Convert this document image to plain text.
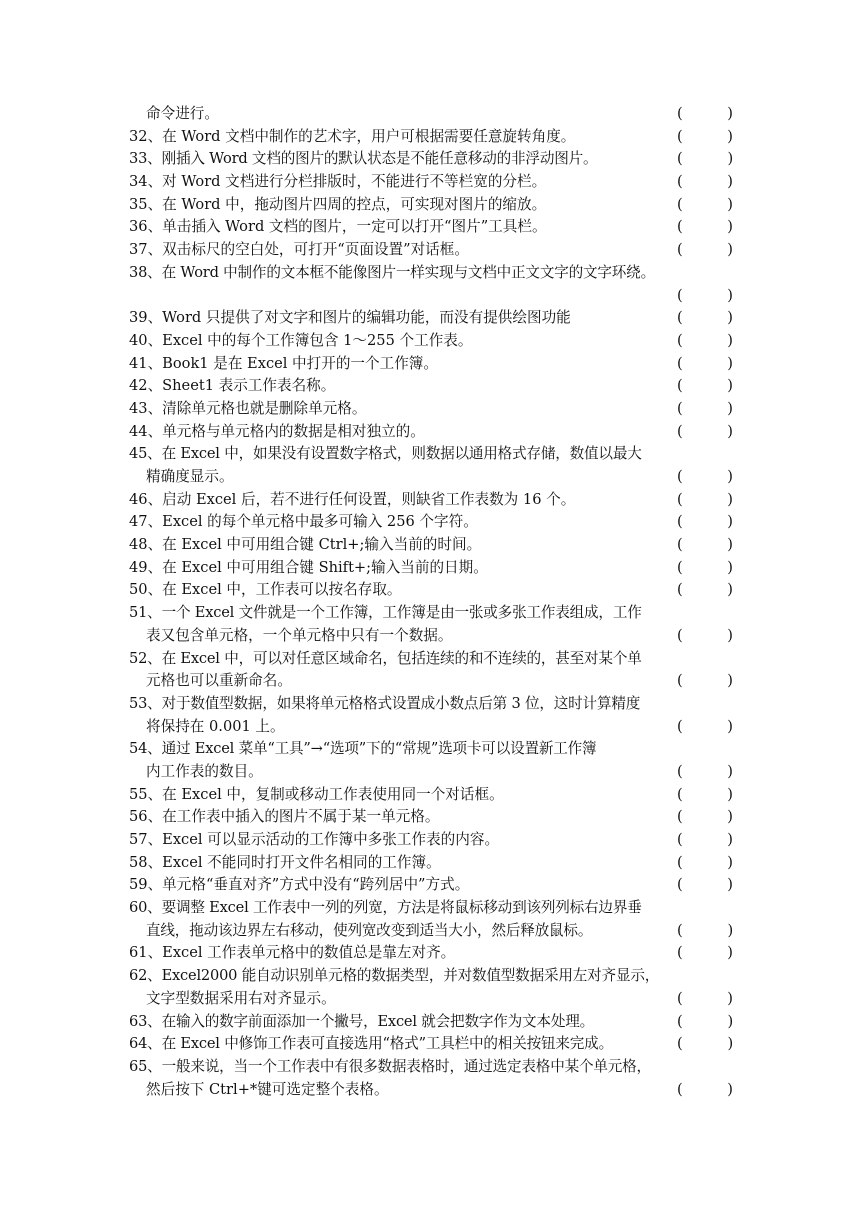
命令进行。	(	)
32、在 Word 文档中制作的艺术字，用户可根据需要任意旋转角度。	(	)
33、刚插入 Word 文档的图片的默认状态是不能任意移动的非浮动图片。	(	)
34、对 Word 文档进行分栏排版时，不能进行不等栏宽的分栏。	(	)
35、在 Word 中，拖动图片四周的控点，可实现对图片的缩放。	(	)
36、单击插入 Word 文档的图片，一定可以打开“图片”工具栏。	(	)
37、双击标尺的空白处，可打开“页面设置”对话框。	(	)
38、在 Word 中制作的文本框不能像图片一样实现与文档中正文文字的文字环绕。
(	)
39、Word 只提供了对文字和图片的编辑功能，而没有提供绘图功能	(	)
40、Excel 中的每个工作簿包含 1～255 个工作表。	(	)
41、Book1 是在 Excel 中打开的一个工作簿。	(	)
42、Sheet1 表示工作表名称。	(	)
43、清除单元格也就是删除单元格。	(	)
44、单元格与单元格内的数据是相对独立的。	(	)
45、在 Excel 中，如果没有设置数字格式，则数据以通用格式存储，数值以最大
精确度显示。	(	)
46、启动 Excel 后，若不进行任何设置，则缺省工作表数为 16 个。	(	)
47、Excel 的每个单元格中最多可输入 256 个字符。	(	)
48、在 Excel 中可用组合键 Ctrl+;输入当前的时间。	(	)
49、在 Excel 中可用组合键 Shift+;输入当前的日期。	(	)
50、在 Excel 中，工作表可以按名存取。	(	)
51、一个 Excel 文件就是一个工作簿，工作簿是由一张或多张工作表组成，工作
表又包含单元格，一个单元格中只有一个数据。	(	)
52、在 Excel 中，可以对任意区域命名，包括连续的和不连续的，甚至对某个单
元格也可以重新命名。	(	)
53、对于数值型数据，如果将单元格格式设置成小数点后第 3 位，这时计算精度
将保持在 0.001 上。	(	)
54、通过 Excel 菜单“工具”→“选项”下的“常规”选项卡可以设置新工作簿
内工作表的数目。	(	)
55、在 Excel 中，复制或移动工作表使用同一个对话框。	(	)
56、在工作表中插入的图片不属于某一单元格。	(	)
57、Excel 可以显示活动的工作簿中多张工作表的内容。	(	)
58、Excel 不能同时打开文件名相同的工作簿。	(	)
59、单元格“垂直对齐”方式中没有“跨列居中”方式。	(	)
60、要调整 Excel 工作表中一列的列宽，方法是将鼠标移动到该列列标右边界垂
直线，拖动该边界左右移动，使列宽改变到适当大小，然后释放鼠标。	(	)
61、Excel 工作表单元格中的数值总是靠左对齐。	(	)
62、Excel2000 能自动识别单元格的数据类型，并对数值型数据采用左对齐显示，
文字型数据采用右对齐显示。	(	)
63、在输入的数字前面添加一个撇号，Excel 就会把数字作为文本处理。	(	)
64、在 Excel 中修饰工作表可直接选用“格式”工具栏中的相关按钮来完成。	(	)
65、一般来说，当一个工作表中有很多数据表格时，通过选定表格中某个单元格，
然后按下 Ctrl+*键可选定整个表格。	(	)
